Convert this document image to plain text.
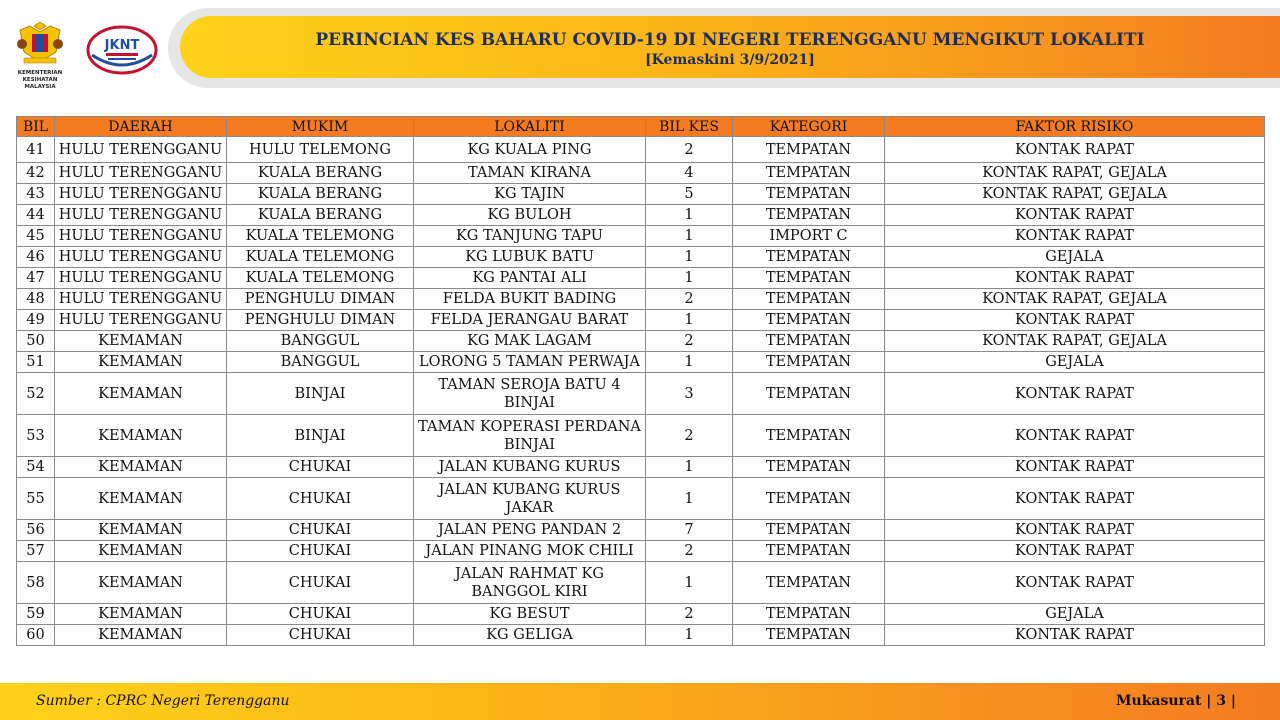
PERINCIAN KES BAHARU COVID-19 DI NEGERI TERENGGANU MENGIKUT LOKALITI
[Kemaskini 3/9/2021]
KEMENTERIAN KESIHATAN MALAYSIA
JKNT
BIL	DAERAH	MUKIM	LOKALITI	BIL KES	KATEGORI	FAKTOR RISIKO
41	HULU TERENGGANU	HULU TELEMONG	KG KUALA PING	2	TEMPATAN	KONTAK RAPAT
42	HULU TERENGGANU	KUALA BERANG	TAMAN KIRANA	4	TEMPATAN	KONTAK RAPAT, GEJALA
43	HULU TERENGGANU	KUALA BERANG	KG TAJIN	5	TEMPATAN	KONTAK RAPAT, GEJALA
44	HULU TERENGGANU	KUALA BERANG	KG BULOH	1	TEMPATAN	KONTAK RAPAT
45	HULU TERENGGANU	KUALA TELEMONG	KG TANJUNG TAPU	1	IMPORT C	KONTAK RAPAT
46	HULU TERENGGANU	KUALA TELEMONG	KG LUBUK BATU	1	TEMPATAN	GEJALA
47	HULU TERENGGANU	KUALA TELEMONG	KG PANTAI ALI	1	TEMPATAN	KONTAK RAPAT
48	HULU TERENGGANU	PENGHULU DIMAN	FELDA BUKIT BADING	2	TEMPATAN	KONTAK RAPAT, GEJALA
49	HULU TERENGGANU	PENGHULU DIMAN	FELDA JERANGAU BARAT	1	TEMPATAN	KONTAK RAPAT
50	KEMAMAN	BANGGUL	KG MAK LAGAM	2	TEMPATAN	KONTAK RAPAT, GEJALA
51	KEMAMAN	BANGGUL	LORONG 5 TAMAN PERWAJA	1	TEMPATAN	GEJALA
52	KEMAMAN	BINJAI	TAMAN SEROJA BATU 4 BINJAI	3	TEMPATAN	KONTAK RAPAT
53	KEMAMAN	BINJAI	TAMAN KOPERASI PERDANA BINJAI	2	TEMPATAN	KONTAK RAPAT
54	KEMAMAN	CHUKAI	JALAN KUBANG KURUS	1	TEMPATAN	KONTAK RAPAT
55	KEMAMAN	CHUKAI	JALAN KUBANG KURUS JAKAR	1	TEMPATAN	KONTAK RAPAT
56	KEMAMAN	CHUKAI	JALAN PENG PANDAN 2	7	TEMPATAN	KONTAK RAPAT
57	KEMAMAN	CHUKAI	JALAN PINANG MOK CHILI	2	TEMPATAN	KONTAK RAPAT
58	KEMAMAN	CHUKAI	JALAN RAHMAT KG BANGGOL KIRI	1	TEMPATAN	KONTAK RAPAT
59	KEMAMAN	CHUKAI	KG BESUT	2	TEMPATAN	GEJALA
60	KEMAMAN	CHUKAI	KG GELIGA	1	TEMPATAN	KONTAK RAPAT
Sumber : CPRC Negeri Terengganu	Mukasurat | 3 |
